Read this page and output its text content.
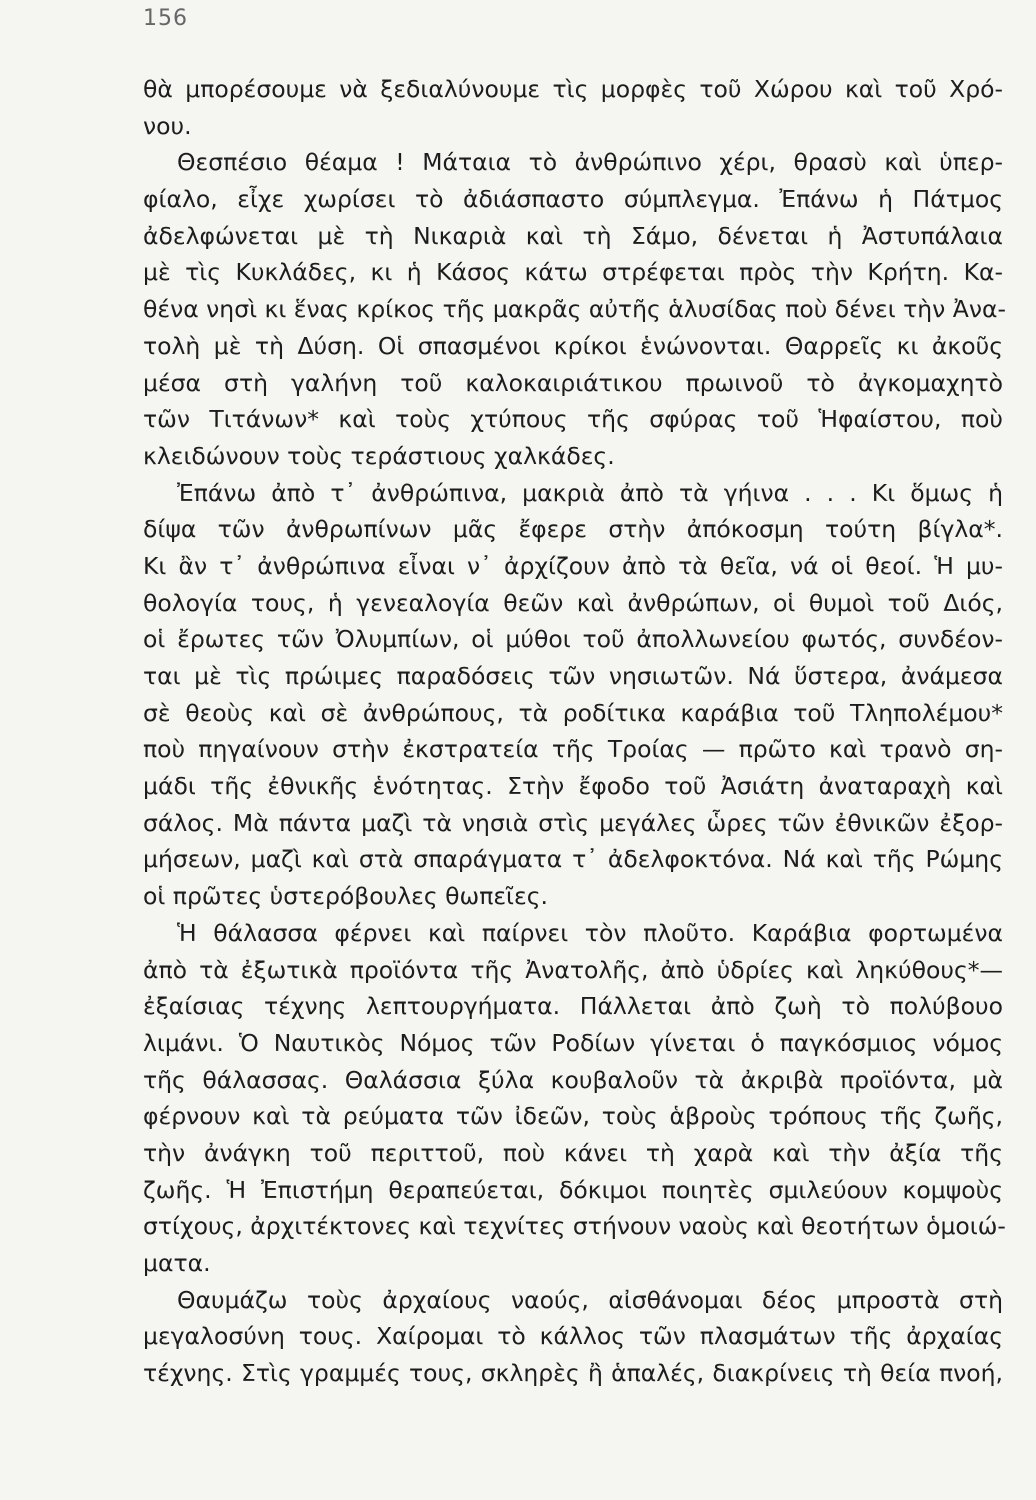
156
θὰ μπορέσουμε νὰ ξεδιαλύνουμε τὶς μορφὲς τοῦ Χώρου καὶ τοῦ Χρό-
νου.
Θεσπέσιο θέαμα ! Μάταια τὸ ἀνθρώπινο χέρι, θρασὺ καὶ ὑπερ-
φίαλο, εἶχε χωρίσει τὸ ἀδιάσπαστο σύμπλεγμα. Ἐπάνω ἡ Πάτμος
ἀδελφώνεται μὲ τὴ Νικαριὰ καὶ τὴ Σάμο, δένεται ἡ Ἀστυπάλαια
μὲ τὶς Κυκλάδες, κι ἡ Κάσος κάτω στρέφεται πρὸς τὴν Κρήτη. Κα-
θένα νησὶ κι ἕνας κρίκος τῆς μακρᾶς αὐτῆς ἁλυσίδας ποὺ δένει τὴν Ἀνα-
τολὴ μὲ τὴ Δύση. Οἱ σπασμένοι κρίκοι ἑνώνονται. Θαρρεῖς κι ἀκοῦς
μέσα στὴ γαλήνη τοῦ καλοκαιριάτικου πρωινοῦ τὸ ἀγκομαχητὸ
τῶν Τιτάνων* καὶ τοὺς χτύπους τῆς σφύρας τοῦ Ἡφαίστου, ποὺ
κλειδώνουν τοὺς τεράστιους χαλκάδες.
Ἐπάνω ἀπὸ τ᾿ ἀνθρώπινα, μακριὰ ἀπὸ τὰ γήινα . . . Κι ὅμως ἡ
δίψα τῶν ἀνθρωπίνων μᾶς ἔφερε στὴν ἀπόκοσμη τούτη βίγλα*.
Κι ἂν τ᾿ ἀνθρώπινα εἶναι ν᾿ ἀρχίζουν ἀπὸ τὰ θεῖα, νά οἱ θεοί. Ἡ μυ-
θολογία τους, ἡ γενεαλογία θεῶν καὶ ἀνθρώπων, οἱ θυμοὶ τοῦ Διός,
οἱ ἔρωτες τῶν Ὀλυμπίων, οἱ μύθοι τοῦ ἀπολλωνείου φωτός, συνδέον-
ται μὲ τὶς πρώιμες παραδόσεις τῶν νησιωτῶν. Νά ὕστερα, ἀνάμεσα
σὲ θεοὺς καὶ σὲ ἀνθρώπους, τὰ ροδίτικα καράβια τοῦ Τληπολέμου*
ποὺ πηγαίνουν στὴν ἐκστρατεία τῆς Τροίας — πρῶτο καὶ τρανὸ ση-
μάδι τῆς ἐθνικῆς ἑνότητας. Στὴν ἔφοδο τοῦ Ἀσιάτη ἀναταραχὴ καὶ
σάλος. Μὰ πάντα μαζὶ τὰ νησιὰ στὶς μεγάλες ὧρες τῶν ἐθνικῶν ἐξορ-
μήσεων, μαζὶ καὶ στὰ σπαράγματα τ᾿ ἀδελφοκτόνα. Νά καὶ τῆς Ρώμης
οἱ πρῶτες ὑστερόβουλες θωπεῖες.
Ἡ θάλασσα φέρνει καὶ παίρνει τὸν πλοῦτο. Καράβια φορτωμένα
ἀπὸ τὰ ἐξωτικὰ προϊόντα τῆς Ἀνατολῆς, ἀπὸ ὑδρίες καὶ ληκύθους*—
ἐξαίσιας τέχνης λεπτουργήματα. Πάλλεται ἀπὸ ζωὴ τὸ πολύβουο
λιμάνι. Ὁ Ναυτικὸς Νόμος τῶν Ροδίων γίνεται ὁ παγκόσμιος νόμος
τῆς θάλασσας. Θαλάσσια ξύλα κουβαλοῦν τὰ ἀκριβὰ προϊόντα, μὰ
φέρνουν καὶ τὰ ρεύματα τῶν ἰδεῶν, τοὺς ἁβροὺς τρόπους τῆς ζωῆς,
τὴν ἀνάγκη τοῦ περιττοῦ, ποὺ κάνει τὴ χαρὰ καὶ τὴν ἀξία τῆς
ζωῆς. Ἡ Ἐπιστήμη θεραπεύεται, δόκιμοι ποιητὲς σμιλεύουν κομψοὺς
στίχους, ἀρχιτέκτονες καὶ τεχνίτες στήνουν ναοὺς καὶ θεοτήτων ὁμοιώ-
ματα.
Θαυμάζω τοὺς ἀρχαίους ναούς, αἰσθάνομαι δέος μπροστὰ στὴ
μεγαλοσύνη τους. Χαίρομαι τὸ κάλλος τῶν πλασμάτων τῆς ἀρχαίας
τέχνης. Στὶς γραμμές τους, σκληρὲς ἢ ἁπαλές, διακρίνεις τὴ θεία πνοή,
